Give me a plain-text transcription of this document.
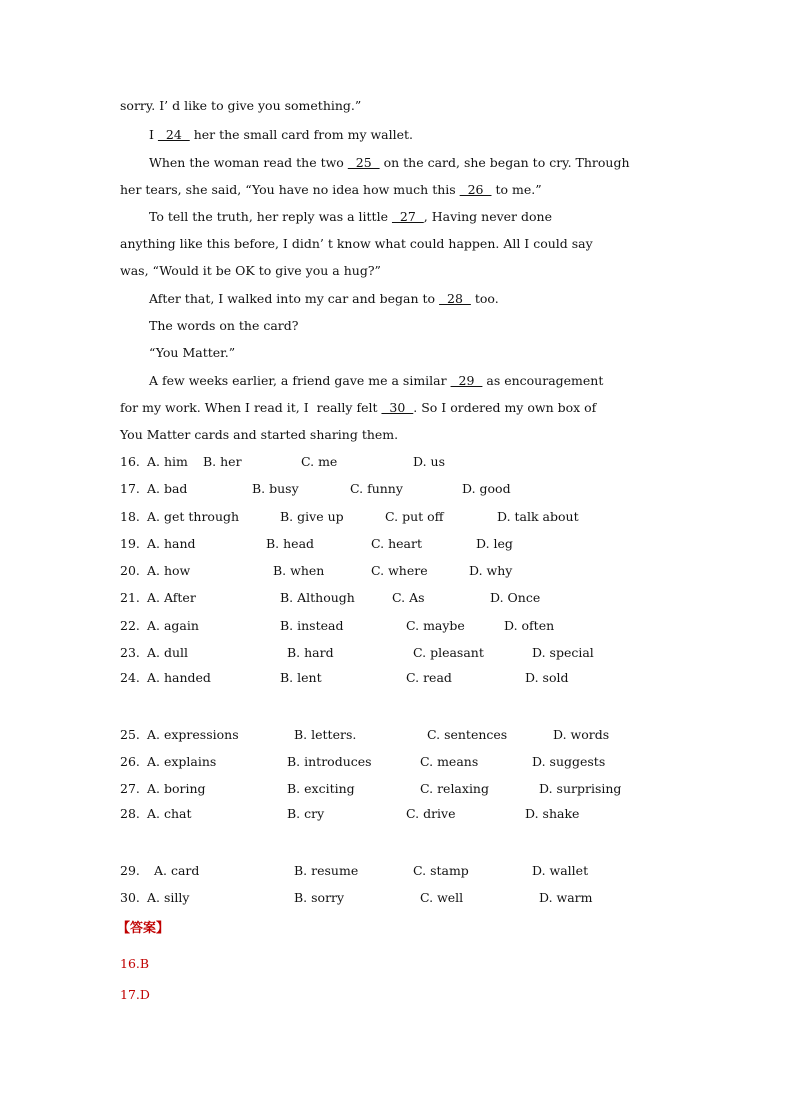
sorry. I’ d like to give you something.”
I   24   her the small card from my wallet.
When the woman read the two   25   on the card, she began to cry. Through
her tears, she said, “You have no idea how much this   26   to me.”
To tell the truth, her reply was a little   27  , Having never done
anything like this before, I didn’ t know what could happen. All I could say
was, “Would it be OK to give you a hug?”
After that, I walked into my car and began to   28   too.
The words on the card?
“You Matter.”
A few weeks earlier, a friend gave me a similar   29   as encouragement
for my work. When I read it, I  really felt   30  . So I ordered my own box of
You Matter cards and started sharing them.
16. A. him B. her	C. me	D. us
17. A. bad	B. busy	C. funny	D. good
18. A. get through	B. give up	C. put off	D. talk about
19. A. hand	B. head	C. heart	D. leg
20. A. how	B. when	C. where	D. why
21. A. After	B. Although	C. As	D. Once
22. A. again	B. instead	C. maybe	D. often
23. A. dull	B. hard	C. pleasant	D. special
24. A. handed	B. lent	C. read	D. sold
25. A. expressions	B. letters.	C. sentences	D. words
26. A. explains	B. introduces	C. means	D. suggests
27. A. boring	B. exciting	C. relaxing	D. surprising
28. A. chat	B. cry	C. drive	D. shake
29. A. card	B. resume	C. stamp	D. wallet
30. A. silly	B. sorry	C. well	D. warm
【答案】
16.B
17.D
